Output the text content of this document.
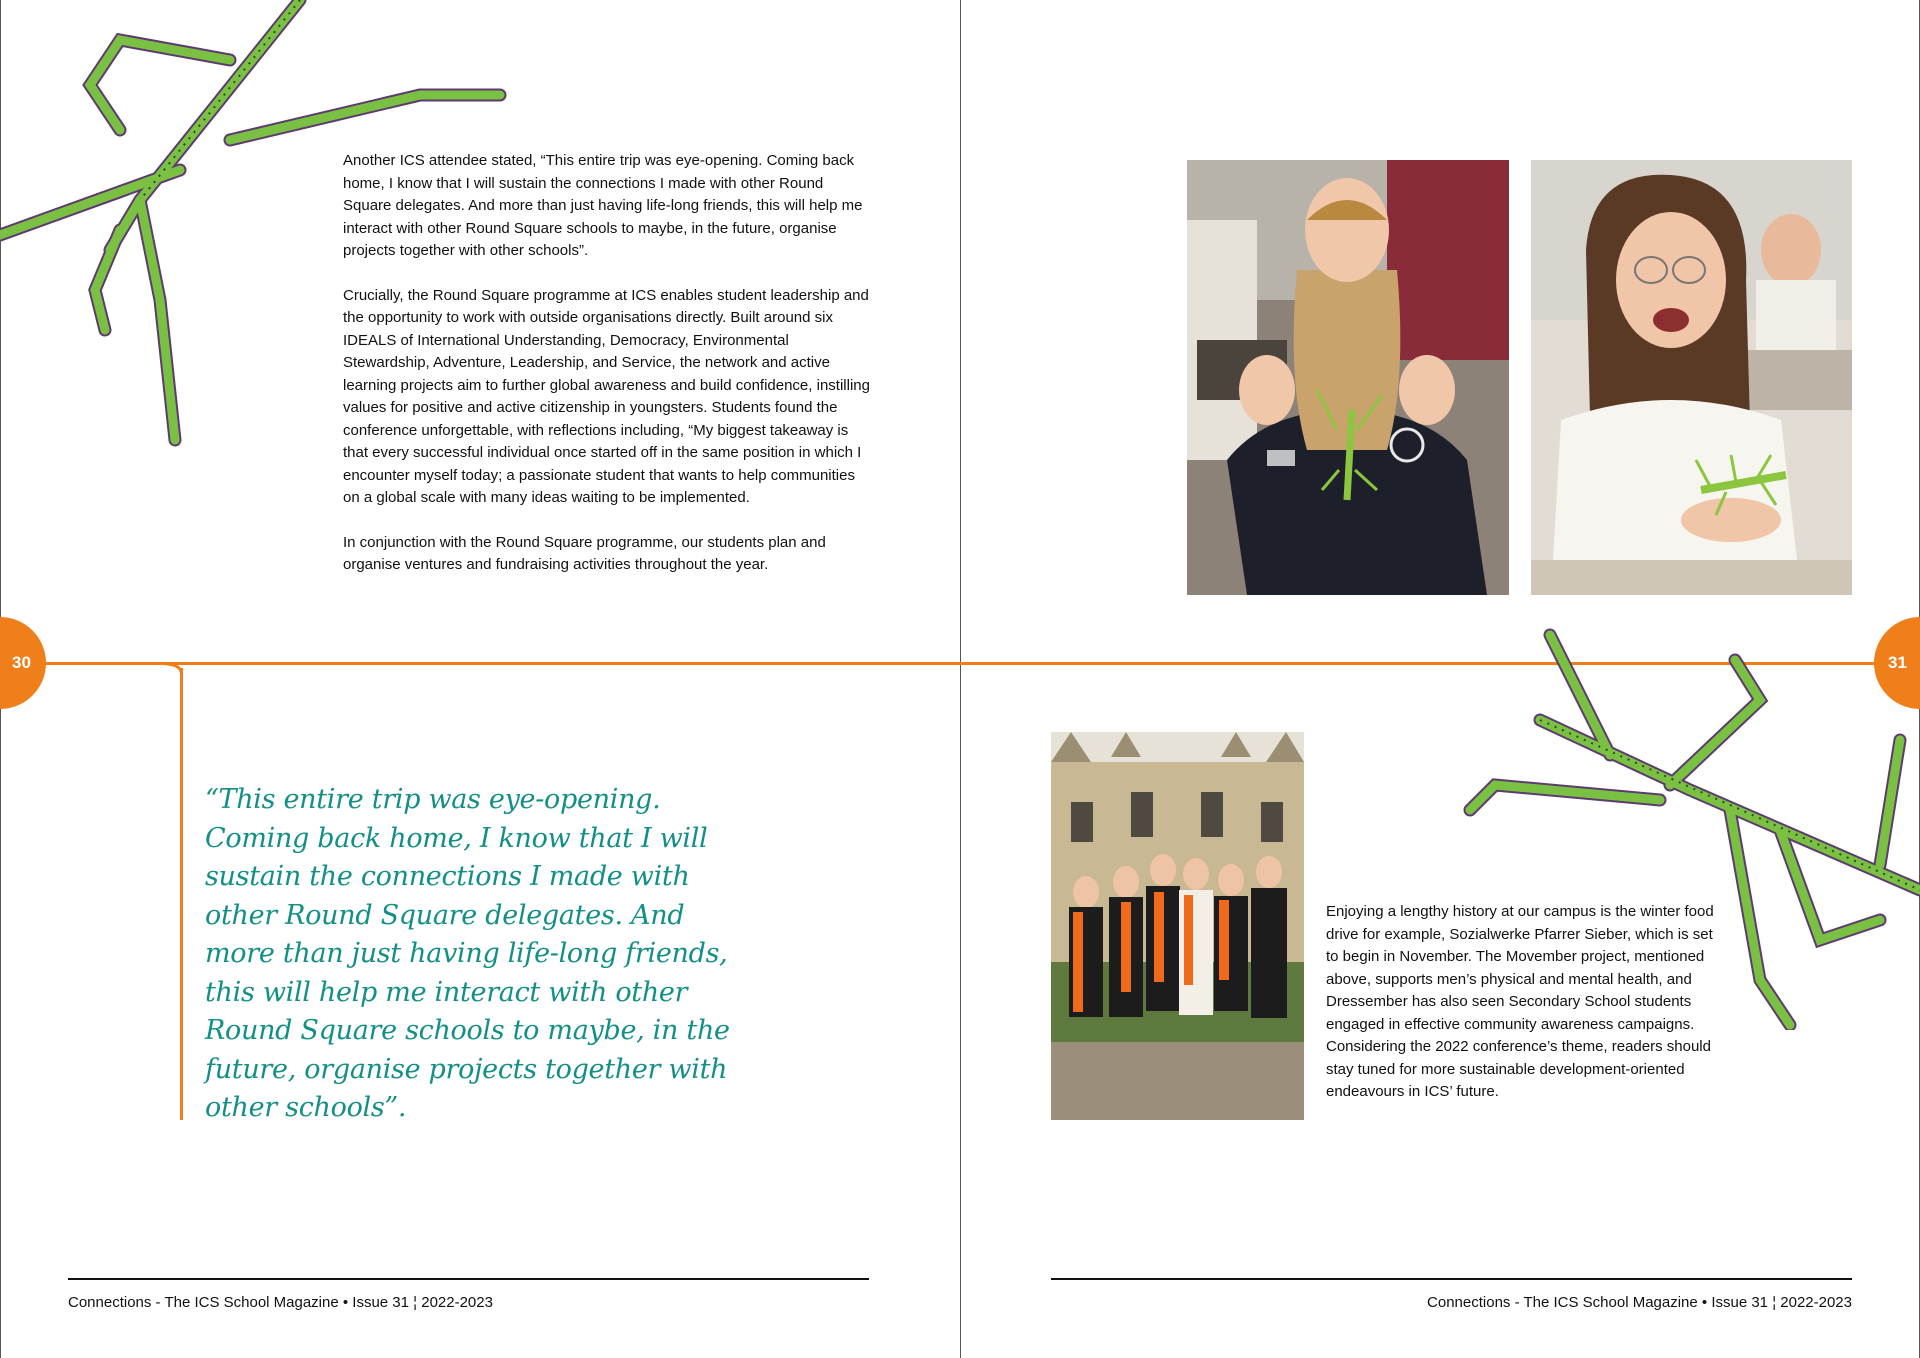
Another ICS attendee stated, “This entire trip was eye-opening. Coming back home, I know that I will sustain the connections I made with other Round Square delegates. And more than just having life-long friends, this will help me interact with other Round Square schools to maybe, in the future, organise projects together with other schools”.

Crucially, the Round Square programme at ICS enables student leadership and the opportunity to work with outside organisations directly. Built around six IDEALS of International Understanding, Democracy, Environmental Stewardship, Adventure, Leadership, and Service, the network and active learning projects aim to further global awareness and build confidence, instilling values for positive and active citizenship in youngsters. Students found the conference unforgettable, with reflections including, “My biggest takeaway is that every successful individual once started off in the same position in which I encounter myself today; a passionate student that wants to help communities on a global scale with many ideas waiting to be implemented.

In conjunction with the Round Square programme, our students plan and organise ventures and fundraising activities throughout the year.

30	31

“This entire trip was eye-opening. Coming back home, I know that I will sustain the connections I made with other Round Square delegates. And more than just having life-long friends, this will help me interact with other Round Square schools to maybe, in the future, organise projects together with other schools”.

Enjoying a lengthy history at our campus is the winter food drive for example, Sozialwerke Pfarrer Sieber, which is set to begin in November. The Movember project, mentioned above, supports men’s physical and mental health, and Dressember has also seen Secondary School students engaged in effective community awareness campaigns. Considering the 2022 conference’s theme, readers should stay tuned for more sustainable development-oriented endeavours in ICS’ future.

Connections - The ICS School Magazine • Issue 31 ¦ 2022-2023	Connections - The ICS School Magazine • Issue 31 ¦ 2022-2023
